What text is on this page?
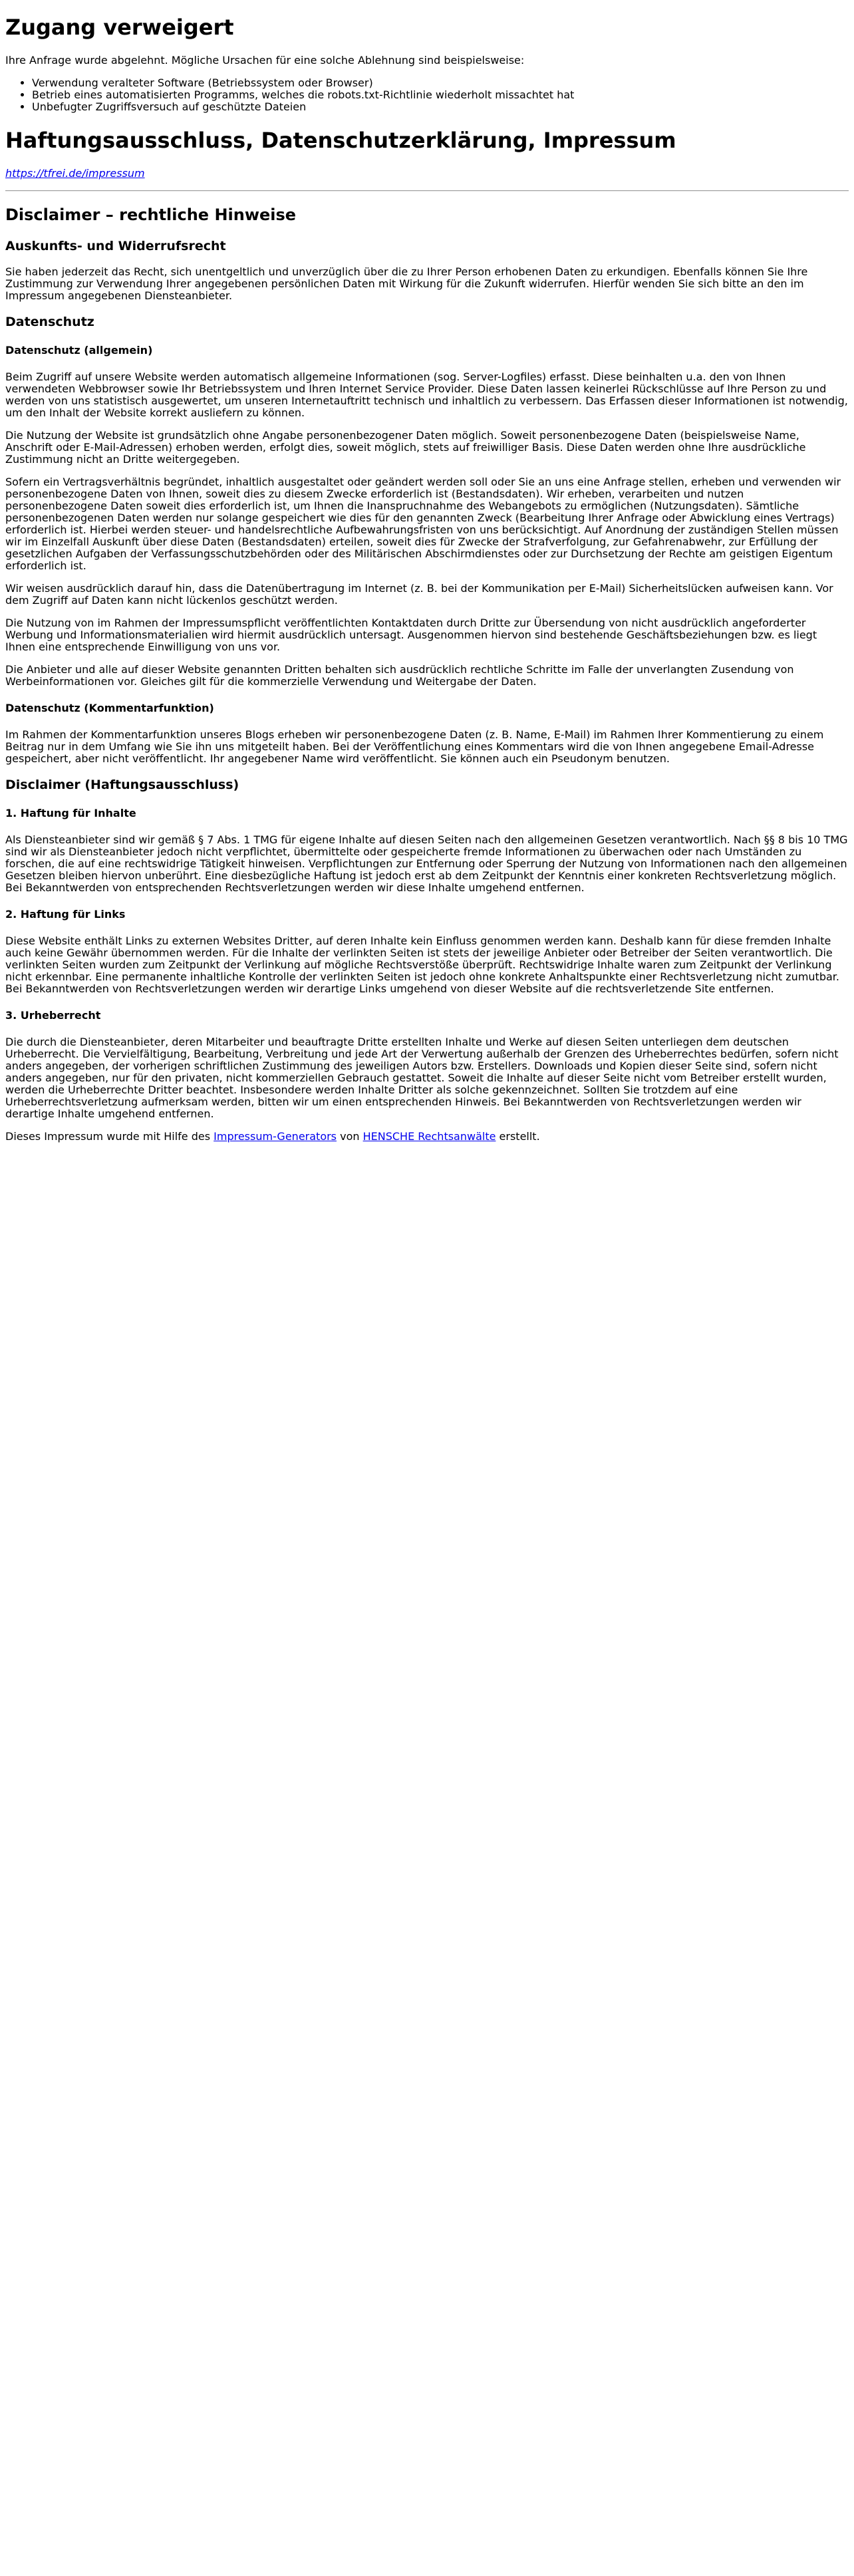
Zugang verweigert

Ihre Anfrage wurde abgelehnt. Mögliche Ursachen für eine solche Ablehnung sind beispielsweise:

• Verwendung veralteter Software (Betriebssystem oder Browser)
• Betrieb eines automatisierten Programms, welches die robots.txt-Richtlinie wiederholt missachtet hat
• Unbefugter Zugriffsversuch auf geschützte Dateien
Haftungsausschluss, Datenschutzerklärung, Impressum

https://tfrei.de/impressum

Disclaimer – rechtliche Hinweise
Auskunfts- und Widerrufsrecht

Sie haben jederzeit das Recht, sich unentgeltlich und unverzüglich über die zu Ihrer Person erhobenen Daten zu erkundigen. Ebenfalls können Sie Ihre Zustimmung zur Verwendung Ihrer angegebenen persönlichen Daten mit Wirkung für die Zukunft widerrufen. Hierfür wenden Sie sich bitte an den im Impressum angegebenen Diensteanbieter.

Datenschutz
Datenschutz (allgemein)

Beim Zugriff auf unsere Website werden automatisch allgemeine Informationen (sog. Server-Logfiles) erfasst. Diese beinhalten u.a. den von Ihnen verwendeten Webbrowser sowie Ihr Betriebssystem und Ihren Internet Service Provider. Diese Daten lassen keinerlei Rückschlüsse auf Ihre Person zu und werden von uns statistisch ausgewertet, um unseren Internetauftritt technisch und inhaltlich zu verbessern. Das Erfassen dieser Informationen ist notwendig, um den Inhalt der Website korrekt ausliefern zu können.

Die Nutzung der Website ist grundsätzlich ohne Angabe personenbezogener Daten möglich. Soweit personenbezogene Daten (beispielsweise Name, Anschrift oder E-Mail-Adressen) erhoben werden, erfolgt dies, soweit möglich, stets auf freiwilliger Basis. Diese Daten werden ohne Ihre ausdrückliche Zustimmung nicht an Dritte weitergegeben.

Sofern ein Vertragsverhältnis begründet, inhaltlich ausgestaltet oder geändert werden soll oder Sie an uns eine Anfrage stellen, erheben und verwenden wir personenbezogene Daten von Ihnen, soweit dies zu diesem Zwecke erforderlich ist (Bestandsdaten). Wir erheben, verarbeiten und nutzen personenbezogene Daten soweit dies erforderlich ist, um Ihnen die Inanspruchnahme des Webangebots zu ermöglichen (Nutzungsdaten). Sämtliche personenbezogenen Daten werden nur solange gespeichert wie dies für den genannten Zweck (Bearbeitung Ihrer Anfrage oder Abwicklung eines Vertrags) erforderlich ist. Hierbei werden steuer- und handelsrechtliche Aufbewahrungsfristen von uns berücksichtigt. Auf Anordnung der zuständigen Stellen müssen wir im Einzelfall Auskunft über diese Daten (Bestandsdaten) erteilen, soweit dies für Zwecke der Strafverfolgung, zur Gefahrenabwehr, zur Erfüllung der gesetzlichen Aufgaben der Verfassungsschutzbehörden oder des Militärischen Abschirmdienstes oder zur Durchsetzung der Rechte am geistigen Eigentum erforderlich ist.

Wir weisen ausdrücklich darauf hin, dass die Datenübertragung im Internet (z. B. bei der Kommunikation per E-Mail) Sicherheitslücken aufweisen kann. Vor dem Zugriff auf Daten kann nicht lückenlos geschützt werden.

Die Nutzung von im Rahmen der Impressumspflicht veröffentlichten Kontaktdaten durch Dritte zur Übersendung von nicht ausdrücklich angeforderter Werbung und Informationsmaterialien wird hiermit ausdrücklich untersagt. Ausgenommen hiervon sind bestehende Geschäftsbeziehungen bzw. es liegt Ihnen eine entsprechende Einwilligung von uns vor.

Die Anbieter und alle auf dieser Website genannten Dritten behalten sich ausdrücklich rechtliche Schritte im Falle der unverlangten Zusendung von Werbeinformationen vor. Gleiches gilt für die kommerzielle Verwendung und Weitergabe der Daten.

Datenschutz (Kommentarfunktion)

Im Rahmen der Kommentarfunktion unseres Blogs erheben wir personenbezogene Daten (z. B. Name, E-Mail) im Rahmen Ihrer Kommentierung zu einem Beitrag nur in dem Umfang wie Sie ihn uns mitgeteilt haben. Bei der Veröffentlichung eines Kommentars wird die von Ihnen angegebene Email-Adresse gespeichert, aber nicht veröffentlicht. Ihr angegebener Name wird veröffentlicht. Sie können auch ein Pseudonym benutzen.

Disclaimer (Haftungsausschluss)
1. Haftung für Inhalte

Als Diensteanbieter sind wir gemäß § 7 Abs. 1 TMG für eigene Inhalte auf diesen Seiten nach den allgemeinen Gesetzen verantwortlich. Nach §§ 8 bis 10 TMG sind wir als Diensteanbieter jedoch nicht verpflichtet, übermittelte oder gespeicherte fremde Informationen zu überwachen oder nach Umständen zu forschen, die auf eine rechtswidrige Tätigkeit hinweisen. Verpflichtungen zur Entfernung oder Sperrung der Nutzung von Informationen nach den allgemeinen Gesetzen bleiben hiervon unberührt. Eine diesbezügliche Haftung ist jedoch erst ab dem Zeitpunkt der Kenntnis einer konkreten Rechtsverletzung möglich. Bei Bekanntwerden von entsprechenden Rechtsverletzungen werden wir diese Inhalte umgehend entfernen.

2. Haftung für Links

Diese Website enthält Links zu externen Websites Dritter, auf deren Inhalte kein Einfluss genommen werden kann. Deshalb kann für diese fremden Inhalte auch keine Gewähr übernommen werden. Für die Inhalte der verlinkten Seiten ist stets der jeweilige Anbieter oder Betreiber der Seiten verantwortlich. Die verlinkten Seiten wurden zum Zeitpunkt der Verlinkung auf mögliche Rechtsverstöße überprüft. Rechtswidrige Inhalte waren zum Zeitpunkt der Verlinkung nicht erkennbar. Eine permanente inhaltliche Kontrolle der verlinkten Seiten ist jedoch ohne konkrete Anhaltspunkte einer Rechtsverletzung nicht zumutbar. Bei Bekanntwerden von Rechtsverletzungen werden wir derartige Links umgehend von dieser Website auf die rechtsverletzende Site entfernen.

3. Urheberrecht

Die durch die Diensteanbieter, deren Mitarbeiter und beauftragte Dritte erstellten Inhalte und Werke auf diesen Seiten unterliegen dem deutschen Urheberrecht. Die Vervielfältigung, Bearbeitung, Verbreitung und jede Art der Verwertung außerhalb der Grenzen des Urheberrechtes bedürfen, sofern nicht anders angegeben, der vorherigen schriftlichen Zustimmung des jeweiligen Autors bzw. Erstellers. Downloads und Kopien dieser Seite sind, sofern nicht anders angegeben, nur für den privaten, nicht kommerziellen Gebrauch gestattet. Soweit die Inhalte auf dieser Seite nicht vom Betreiber erstellt wurden, werden die Urheberrechte Dritter beachtet. Insbesondere werden Inhalte Dritter als solche gekennzeichnet. Sollten Sie trotzdem auf eine Urheberrechtsverletzung aufmerksam werden, bitten wir um einen entsprechenden Hinweis. Bei Bekanntwerden von Rechtsverletzungen werden wir derartige Inhalte umgehend entfernen.

Dieses Impressum wurde mit Hilfe des Impressum-Generators von HENSCHE Rechtsanwälte erstellt.
